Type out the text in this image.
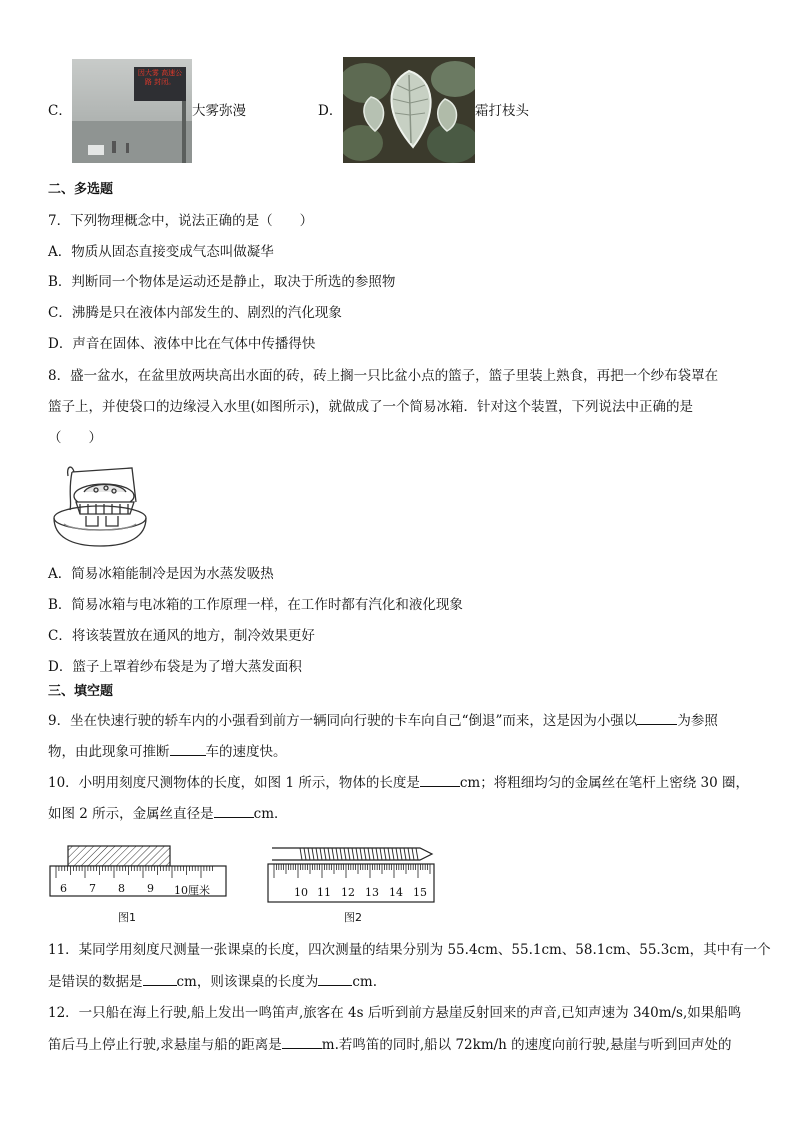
C．
因大雾 高速公路 封闭。
大雾弥漫	D．	霜打枝头
二、多选题
7．下列物理概念中，说法正确的是（　　）
A．物质从固态直接变成气态叫做凝华
B．判断同一个物体是运动还是静止，取决于所选的参照物
C．沸腾是只在液体内部发生的、剧烈的汽化现象
D．声音在固体、液体中比在气体中传播得快
8．盛一盆水，在盆里放两块高出水面的砖，砖上搁一只比盆小点的篮子，篮子里装上熟食，再把一个纱布袋罩在
篮子上，并使袋口的边缘浸入水里(如图所示)，就做成了一个简易冰箱．针对这个装置，下列说法中正确的是
（　　）
A．简易冰箱能制冷是因为水蒸发吸热
B．简易冰箱与电冰箱的工作原理一样，在工作时都有汽化和液化现象
C．将该装置放在通风的地方，制冷效果更好
D．篮子上罩着纱布袋是为了增大蒸发面积
三、填空题
9．坐在快速行驶的轿车内的小强看到前方一辆同向行驶的卡车向自己“倒退”而来，这是因为小强以	为参照
物，由此现象可推断	车的速度快。
10．小明用刻度尺测物体的长度，如图 1 所示，物体的长度是	cm；将粗细均匀的金属丝在笔杆上密绕 30 圈，
如图 2 所示，金属丝直径是	cm．
6 7 8 9 10厘米
图1
10 11 12 13 14 15
图2
11．某同学用刻度尺测量一张课桌的长度，四次测量的结果分别为 55.4cm、55.1cm、58.1cm、55.3cm，其中有一个
是错误的数据是	cm，则该课桌的长度为	cm.
12．一只船在海上行驶,船上发出一鸣笛声,旅客在 4s 后听到前方悬崖反射回来的声音,已知声速为 340m/s,如果船鸣
笛后马上停止行驶,求悬崖与船的距离是	m.若鸣笛的同时,船以 72km/h 的速度向前行驶,悬崖与听到回声处的
